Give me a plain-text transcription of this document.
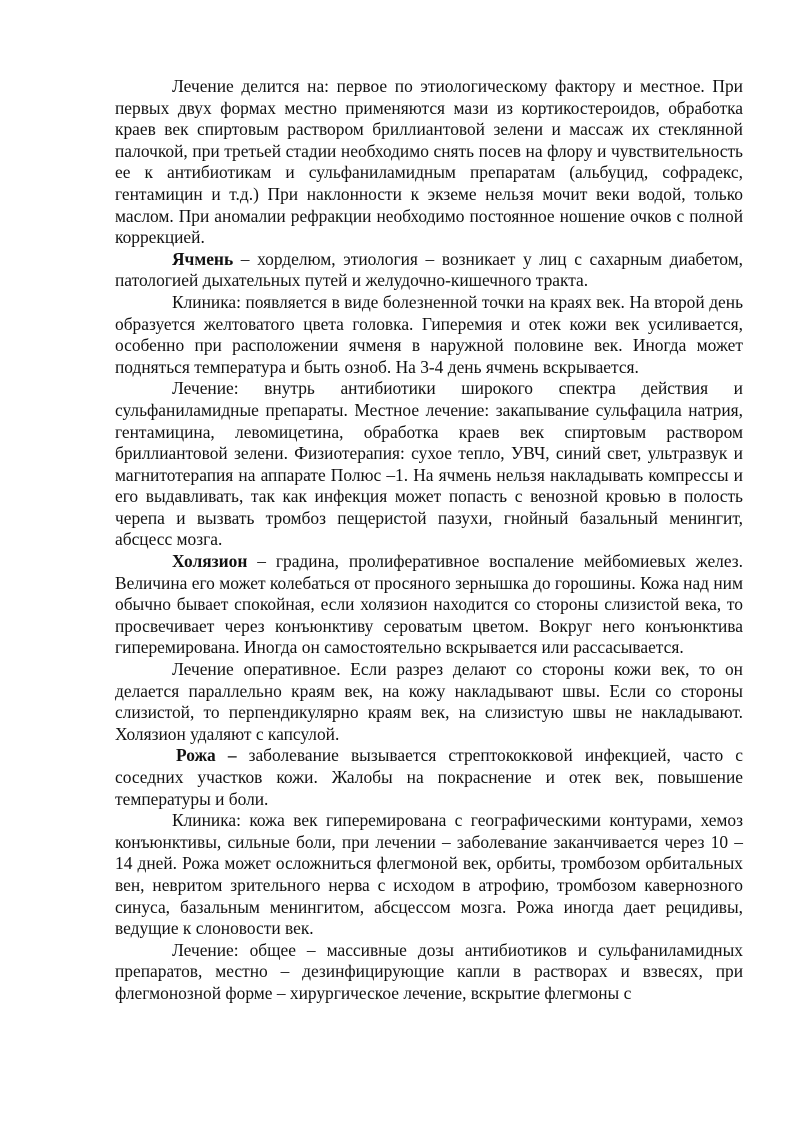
Лечение делится на: первое по этиологическому фактору и местное. При первых двух формах местно применяются мази из кортикостероидов, обработка краев век спиртовым раствором бриллиантовой зелени и массаж их стеклянной палочкой, при третьей стадии необходимо снять посев на флору и чувствительность ее к антибиотикам и сульфаниламидным препаратам (альбуцид, софрадекс, гентамицин и т.д.) При наклонности к экземе нельзя мочит веки водой, только маслом. При аномалии рефракции необходимо постоянное ношение очков с полной коррекцией.

Ячмень – хорделюм, этиология – возникает у лиц с сахарным диабетом, патологией дыхательных путей и желудочно-кишечного тракта.

Клиника: появляется в виде болезненной точки на краях век. На второй день образуется желтоватого цвета головка. Гиперемия и отек кожи век усиливается, особенно при расположении ячменя в наружной половине век. Иногда может подняться температура и быть озноб. На 3-4 день ячмень вскрывается.

Лечение: внутрь антибиотики широкого спектра действия и сульфаниламидные препараты. Местное лечение: закапывание сульфацила натрия, гентамицина, левомицетина, обработка краев век спиртовым раствором бриллиантовой зелени. Физиотерапия: сухое тепло, УВЧ, синий свет, ультразвук и магнитотерапия на аппарате Полюс –1. На ячмень нельзя накладывать компрессы и его выдавливать, так как инфекция может попасть с венозной кровью в полость черепа и вызвать тромбоз пещеристой пазухи, гнойный базальный менингит, абсцесс мозга.

Холязион – градина, пролиферативное воспаление мейбомиевых желез. Величина его может колебаться от просяного зернышка до горошины. Кожа над ним обычно бывает спокойная, если холязион находится со стороны слизистой века, то просвечивает через конъюнктиву сероватым цветом. Вокруг него конъюнктива гиперемирована. Иногда он самостоятельно вскрывается или рассасывается.

Лечение оперативное. Если разрез делают со стороны кожи век, то он делается параллельно краям век, на кожу накладывают швы. Если со стороны слизистой, то перпендикулярно краям век, на слизистую швы не накладывают. Холязион удаляют с капсулой.

Рожа – заболевание вызывается стрептококковой инфекцией, часто с соседних участков кожи. Жалобы на покраснение и отек век, повышение температуры и боли.

Клиника: кожа век гиперемирована с географическими контурами, хемоз конъюнктивы, сильные боли, при лечении – заболевание заканчивается через 10 – 14 дней. Рожа может осложниться флегмоной век, орбиты, тромбозом орбитальных вен, невритом зрительного нерва с исходом в атрофию, тромбозом кавернозного синуса, базальным менингитом, абсцессом мозга. Рожа иногда дает рецидивы, ведущие к слоновости век.

Лечение: общее – массивные дозы антибиотиков и сульфаниламидных препаратов, местно – дезинфицирующие капли в растворах и взвесях, при флегмонозной форме – хирургическое лечение, вскрытие флегмоны с
